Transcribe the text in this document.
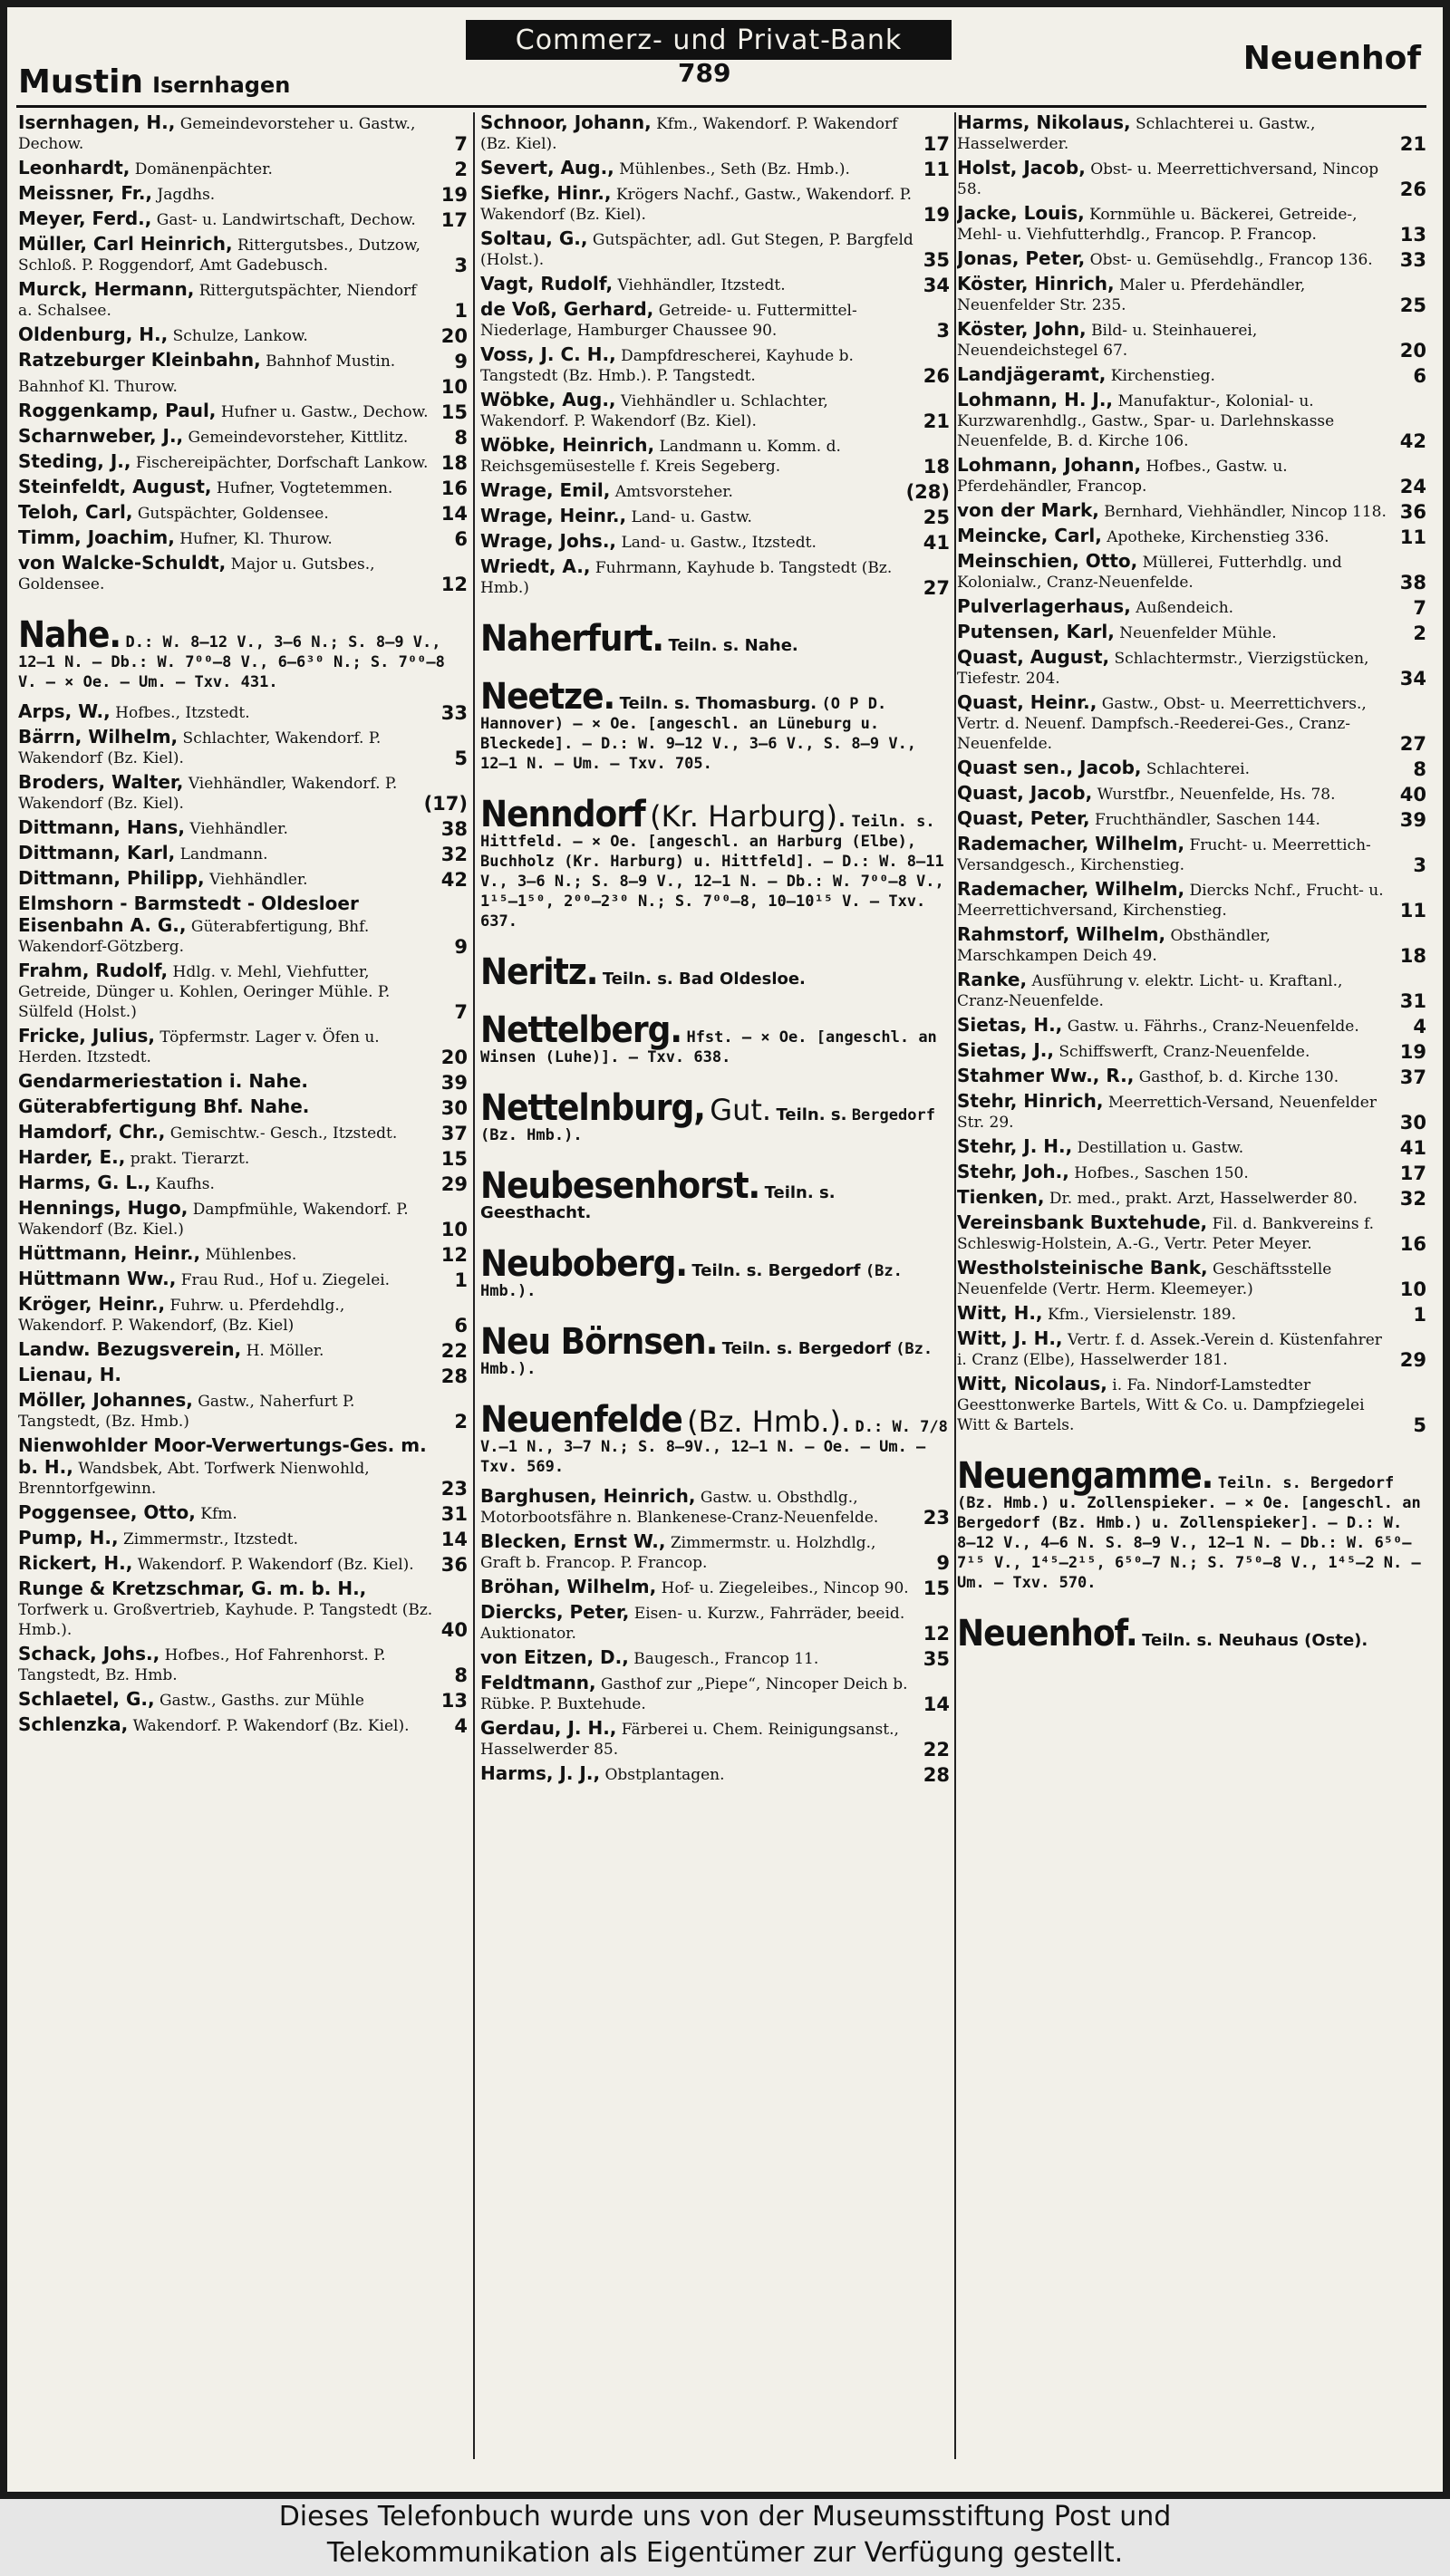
Commerz- und Privat-Bank
Mustin Isernhagen	789	Neuenhof
Isernhagen, H., Gemeindevorsteher u. Gastw., Dechow.	7
Leonhardt, Domänenpächter.	2
Meissner, Fr., Jagdhs.	19
Meyer, Ferd., Gast- u. Landwirtschaft, Dechow. 17
Müller, Carl Heinrich, Rittergutsbes., Dutzow, Schloß. P. Roggendorf, Amt Gadebusch.	3
Murck, Hermann, Rittergutspächter, Niendorf a. Schalsee.	1
Oldenburg, H., Schulze, Lankow.	20
Ratzeburger Kleinbahn, Bahnhof Mustin.	9
Bahnhof Kl. Thurow.	10
Roggenkamp, Paul, Hufner u. Gastw., Dechow. 15
Scharnweber, J., Gemeindevorsteher, Kittlitz. 8
Steding, J., Fischereipächter, Dorfschaft Lankow. 18
Steinfeldt, August, Hufner, Vogtetemmen.	16
Teloh, Carl, Gutspächter, Goldensee.	14
Timm, Joachim, Hufner, Kl. Thurow.	6
von Walcke-Schuldt, Major u. Gutsbes., Goldensee.	12
Nahe. D.: W. 8–12 V., 3–6 N.; S. 8–9 V., 12–1 N. — Db.: W. 7⁰⁰–8 V., 6–6³⁰ N.; S. 7⁰⁰–8 V. — × Oe. — Um. — Txv. 431.
Arps, W., Hofbes., Itzstedt.	33
Bärrn, Wilhelm, Schlachter, Wakendorf. P. Wakendorf (Bz. Kiel).	5
Broders, Walter, Viehhändler, Wakendorf. P. Wakendorf (Bz. Kiel).	(17)
Dittmann, Hans, Viehhändler.	38
Dittmann, Karl, Landmann.	32
Dittmann, Philipp, Viehhändler.	42
Elmshorn - Barmstedt - Oldesloer Eisenbahn A. G., Güterabfertigung, Bhf. Wakendorf-Götzberg.	9
Frahm, Rudolf, Hdlg. v. Mehl, Viehfutter, Getreide, Dünger u. Kohlen, Oeringer Mühle. P. Sülfeld (Holst.)	7
Fricke, Julius, Töpfermstr. Lager v. Öfen u. Herden. Itzstedt.	20
Gendarmeriestation i. Nahe.	39
Güterabfertigung Bhf. Nahe.	30
Hamdorf, Chr., Gemischtw.- Gesch., Itzstedt. 37
Harder, E., prakt. Tierarzt.	15
Harms, G. L., Kaufhs.	29
Hennings, Hugo, Dampfmühle, Wakendorf. P. Wakendorf (Bz. Kiel.)	10
Hüttmann, Heinr., Mühlenbes.	12
Hüttmann Ww., Frau Rud., Hof u. Ziegelei.	1
Kröger, Heinr., Fuhrw. u. Pferdehdlg., Wakendorf. P. Wakendorf, (Bz. Kiel)	6
Landw. Bezugsverein, H. Möller.	22
Lienau, H.	28
Möller, Johannes, Gastw., Naherfurt P. Tangstedt, (Bz. Hmb.)	2
Nienwohlder Moor-Verwertungs-Ges. m. b. H., Wandsbek, Abt. Torfwerk Nienwohld, Brenntorfgewinn.	23
Poggensee, Otto, Kfm.	31
Pump, H., Zimmermstr., Itzstedt.	14
Rickert, H., Wakendorf. P. Wakendorf (Bz. Kiel). 36
Runge & Kretzschmar, G. m. b. H., Torfwerk u. Großvertrieb, Kayhude. P. Tangstedt (Bz. Hmb.).	40
Schack, Johs., Hofbes., Hof Fahrenhorst. P. Tangstedt, Bz. Hmb.	8
Schlaetel, G., Gastw., Gasths. zur Mühle	13
Schlenzka, Wakendorf. P. Wakendorf (Bz. Kiel). 4
Schnoor, Johann, Kfm., Wakendorf. P. Wakendorf (Bz. Kiel).	17
Severt, Aug., Mühlenbes., Seth (Bz. Hmb.).	11
Siefke, Hinr., Krögers Nachf., Gastw., Wakendorf. P. Wakendorf (Bz. Kiel).	19
Soltau, G., Gutspächter, adl. Gut Stegen, P. Bargfeld (Holst.).	35
Vagt, Rudolf, Viehhändler, Itzstedt.	34
de Voß, Gerhard, Getreide- u. Futtermittel-Niederlage, Hamburger Chaussee 90.	3
Voss, J. C. H., Dampfdrescherei, Kayhude b. Tangstedt (Bz. Hmb.). P. Tangstedt.	26
Wöbke, Aug., Viehhändler u. Schlachter, Wakendorf. P. Wakendorf (Bz. Kiel).	21
Wöbke, Heinrich, Landmann u. Komm. d. Reichsgemüsestelle f. Kreis Segeberg.	18
Wrage, Emil, Amtsvorsteher.	(28)
Wrage, Heinr., Land- u. Gastw.	25
Wrage, Johs., Land- u. Gastw., Itzstedt.	41
Wriedt, A., Fuhrmann, Kayhude b. Tangstedt (Bz. Hmb.)	27
Naherfurt. Teiln. s. Nahe.
Neetze. Teiln. s. Thomasburg. (O P D. Hannover) — × Oe. [angeschl. an Lüneburg u. Bleckede]. — D.: W. 9–12 V., 3–6 V., S. 8–9 V., 12–1 N. — Um. — Txv. 705.
Nenndorf (Kr. Harburg). Teiln. s. Hittfeld. — × Oe. [angeschl. an Harburg (Elbe), Buchholz (Kr. Harburg) u. Hittfeld]. — D.: W. 8–11 V., 3–6 N.; S. 8–9 V., 12–1 N. — Db.: W. 7⁰⁰–8 V., 1¹⁵–1⁵⁰, 2⁰⁰–2³⁰ N.; S. 7⁰⁰–8, 10–10¹⁵ V. — Txv. 637.
Neritz. Teiln. s. Bad Oldesloe.
Nettelberg. Hfst. — × Oe. [angeschl. an Winsen (Luhe)]. — Txv. 638.
Nettelnburg, Gut. Teiln. s. Bergedorf (Bz. Hmb.).
Neubesenhorst. Teiln. s. Geesthacht.
Neuboberg. Teiln. s. Bergedorf (Bz. Hmb.).
Neu Börnsen. Teiln. s. Bergedorf (Bz. Hmb.).
Neuenfelde (Bz. Hmb.). D.: W. 7/8 V.–1 N., 3–7 N.; S. 8–9V., 12–1 N. — Oe. — Um. — Txv. 569.
Barghusen, Heinrich, Gastw. u. Obsthdlg., Motorbootsfähre n. Blankenese-Cranz-Neuenfelde. 23
Blecken, Ernst W., Zimmermstr. u. Holzhdlg., Graft b. Francop. P. Francop.	9
Bröhan, Wilhelm, Hof- u. Ziegeleibes., Nincop 90. 15
Diercks, Peter, Eisen- u. Kurzw., Fahrräder, beeid. Auktionator.	12
von Eitzen, D., Baugesch., Francop 11.	35
Feldtmann, Gasthof zur „Piepe“, Nincoper Deich b. Rübke. P. Buxtehude.	14
Gerdau, J. H., Färberei u. Chem. Reinigungsanst., Hasselwerder 85.	22
Harms, J. J., Obstplantagen.	28
Harms, Nikolaus, Schlachterei u. Gastw., Hasselwerder.	21
Holst, Jacob, Obst- u. Meerrettichversand, Nincop 58.	26
Jacke, Louis, Kornmühle u. Bäckerei, Getreide-, Mehl- u. Viehfutterhdlg., Francop. P. Francop.	13
Jonas, Peter, Obst- u. Gemüsehdlg., Francop 136. 33
Köster, Hinrich, Maler u. Pferdehändler, Neuenfelder Str. 235.	25
Köster, John, Bild- u. Steinhauerei, Neuendeichstegel 67.	20
Landjägeramt, Kirchenstieg.	6
Lohmann, H. J., Manufaktur-, Kolonial- u. Kurzwarenhdlg., Gastw., Spar- u. Darlehnskasse Neuenfelde, B. d. Kirche 106.	42
Lohmann, Johann, Hofbes., Gastw. u. Pferdehändler, Francop.	24
von der Mark, Bernhard, Viehhändler, Nincop 118. 36
Meincke, Carl, Apotheke, Kirchenstieg 336.	11
Meinschien, Otto, Müllerei, Futterhdlg. und Kolonialw., Cranz-Neuenfelde.	38
Pulverlagerhaus, Außendeich.	7
Putensen, Karl, Neuenfelder Mühle.	2
Quast, August, Schlachtermstr., Vierzigstücken, Tiefestr. 204.	34
Quast, Heinr., Gastw., Obst- u. Meerrettichvers., Vertr. d. Neuenf. Dampfsch.-Reederei-Ges., Cranz-Neuenfelde.	27
Quast sen., Jacob, Schlachterei.	8
Quast, Jacob, Wurstfbr., Neuenfelde, Hs. 78.	40
Quast, Peter, Fruchthändler, Saschen 144.	39
Rademacher, Wilhelm, Frucht- u. Meerrettich-Versandgesch., Kirchenstieg.	3
Rademacher, Wilhelm, Diercks Nchf., Frucht- u. Meerrettichversand, Kirchenstieg.	11
Rahmstorf, Wilhelm, Obsthändler, Marschkampen Deich 49.	18
Ranke, Ausführung v. elektr. Licht- u. Kraftanl., Cranz-Neuenfelde.	31
Sietas, H., Gastw. u. Fährhs., Cranz-Neuenfelde.	4
Sietas, J., Schiffswerft, Cranz-Neuenfelde.	19
Stahmer Ww., R., Gasthof, b. d. Kirche 130.	37
Stehr, Hinrich, Meerrettich-Versand, Neuenfelder Str. 29.	30
Stehr, J. H., Destillation u. Gastw.	41
Stehr, Joh., Hofbes., Saschen 150.	17
Tienken, Dr. med., prakt. Arzt, Hasselwerder 80. 32
Vereinsbank Buxtehude, Fil. d. Bankvereins f. Schleswig-Holstein, A.-G., Vertr. Peter Meyer.	16
Westholsteinische Bank, Geschäftsstelle Neuenfelde (Vertr. Herm. Kleemeyer.)	10
Witt, H., Kfm., Viersielenstr. 189.	1
Witt, J. H., Vertr. f. d. Assek.-Verein d. Küstenfahrer i. Cranz (Elbe), Hasselwerder 181.	29
Witt, Nicolaus, i. Fa. Nindorf-Lamstedter Geesttonwerke Bartels, Witt & Co. u. Dampfziegelei Witt & Bartels.	5
Neuengamme. Teiln. s. Bergedorf (Bz. Hmb.) u. Zollenspieker. — × Oe. [angeschl. an Bergedorf (Bz. Hmb.) u. Zollenspieker]. — D.: W. 8–12 V., 4–6 N. S. 8–9 V., 12–1 N. — Db.: W. 6⁵⁰–7¹⁵ V., 1⁴⁵–2¹⁵, 6⁵⁰–7 N.; S. 7⁵⁰–8 V., 1⁴⁵–2 N. — Um. — Txv. 570.
Neuenhof. Teiln. s. Neuhaus (Oste).
Dieses Telefonbuch wurde uns von der Museumsstiftung Post und
Telekommunikation als Eigentümer zur Verfügung gestellt.
